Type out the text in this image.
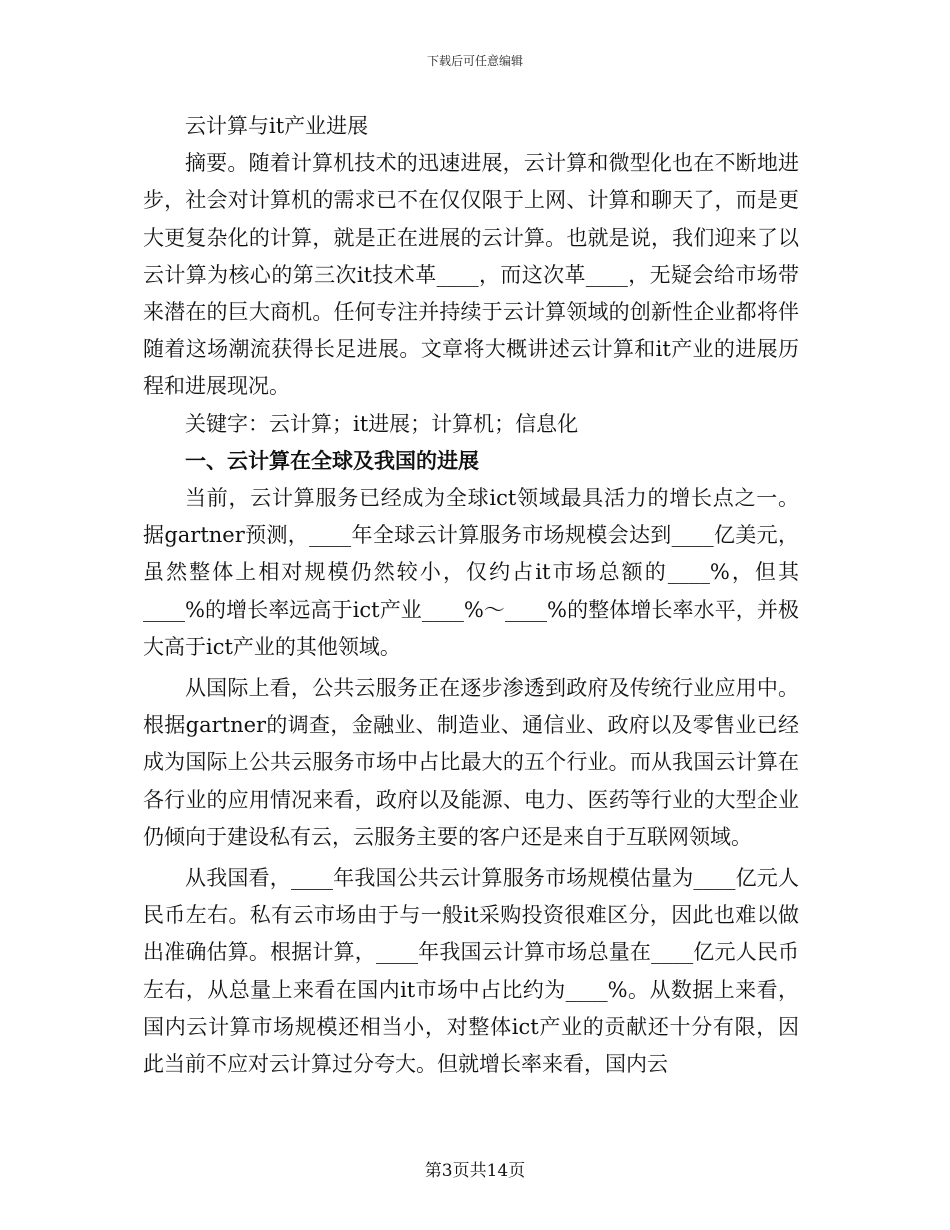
下载后可任意编辑

云计算与it产业进展

摘要。随着计算机技术的迅速进展，云计算和微型化也在不断地进步，社会对计算机的需求已不在仅仅限于上网、计算和聊天了，而是更大更复杂化的计算，就是正在进展的云计算。也就是说，我们迎来了以云计算为核心的第三次it技术革____，而这次革____，无疑会给市场带来潜在的巨大商机。任何专注并持续于云计算领域的创新性企业都将伴随着这场潮流获得长足进展。文章将大概讲述云计算和it产业的进展历程和进展现况。

关键字：云计算；it进展；计算机；信息化

一、云计算在全球及我国的进展

当前，云计算服务已经成为全球ict领域最具活力的增长点之一。据gartner预测，____年全球云计算服务市场规模会达到____亿美元，虽然整体上相对规模仍然较小，仅约占it市场总额的____%，但其____%的增长率远高于ict产业____%～____%的整体增长率水平，并极大高于ict产业的其他领域。

从国际上看，公共云服务正在逐步渗透到政府及传统行业应用中。根据gartner的调查，金融业、制造业、通信业、政府以及零售业已经成为国际上公共云服务市场中占比最大的五个行业。而从我国云计算在各行业的应用情况来看，政府以及能源、电力、医药等行业的大型企业仍倾向于建设私有云，云服务主要的客户还是来自于互联网领域。

从我国看，____年我国公共云计算服务市场规模估量为____亿元人民币左右。私有云市场由于与一般it采购投资很难区分，因此也难以做出准确估算。根据计算，____年我国云计算市场总量在____亿元人民币左右，从总量上来看在国内it市场中占比约为____%。从数据上来看，国内云计算市场规模还相当小，对整体ict产业的贡献还十分有限，因此当前不应对云计算过分夸大。但就增长率来看，国内云

第3页共14页
